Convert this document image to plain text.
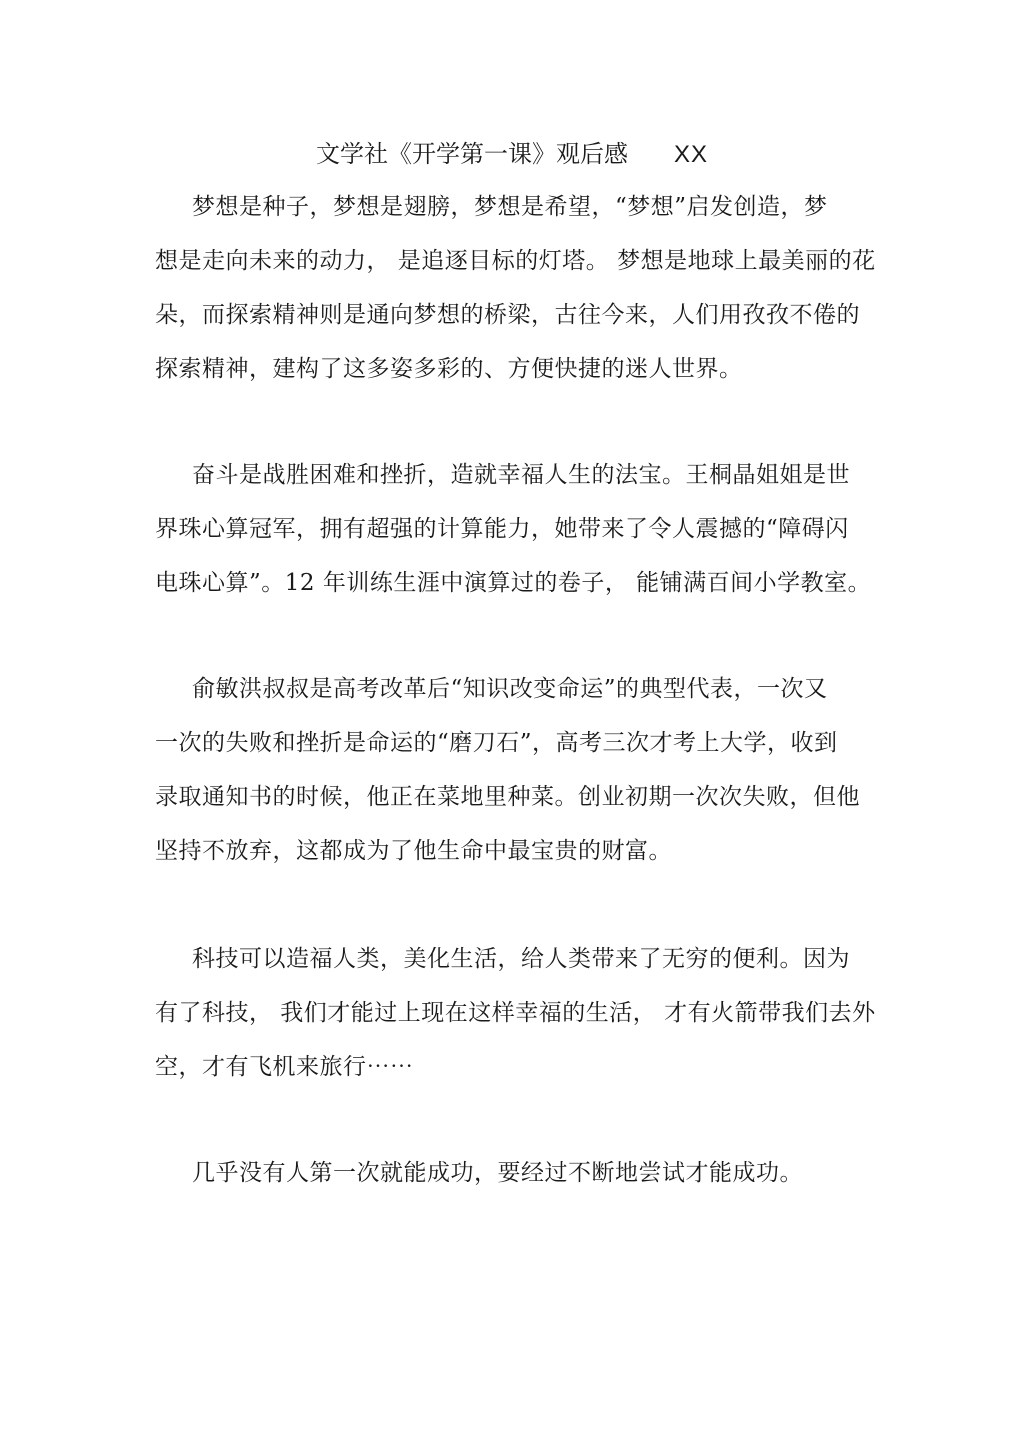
文学社《开学第一课》观后感 XX
梦想是种子，梦想是翅膀，梦想是希望，“梦想”启发创造，梦
想是走向未来的动力， 是追逐目标的灯塔。 梦想是地球上最美丽的花
朵，而探索精神则是通向梦想的桥梁，古往今来，人们用孜孜不倦的
探索精神，建构了这多姿多彩的、方便快捷的迷人世界。
奋斗是战胜困难和挫折，造就幸福人生的法宝。王桐晶姐姐是世
界珠心算冠军，拥有超强的计算能力，她带来了令人震撼的“障碍闪
电珠心算”。12 年训练生涯中演算过的卷子， 能铺满百间小学教室。
俞敏洪叔叔是高考改革后“知识改变命运”的典型代表，一次又
一次的失败和挫折是命运的“磨刀石”，高考三次才考上大学，收到
录取通知书的时候，他正在菜地里种菜。创业初期一次次失败，但他
坚持不放弃，这都成为了他生命中最宝贵的财富。
科技可以造福人类，美化生活，给人类带来了无穷的便利。因为
有了科技， 我们才能过上现在这样幸福的生活， 才有火箭带我们去外
空，才有飞机来旅行⋯⋯
几乎没有人第一次就能成功，要经过不断地尝试才能成功。
